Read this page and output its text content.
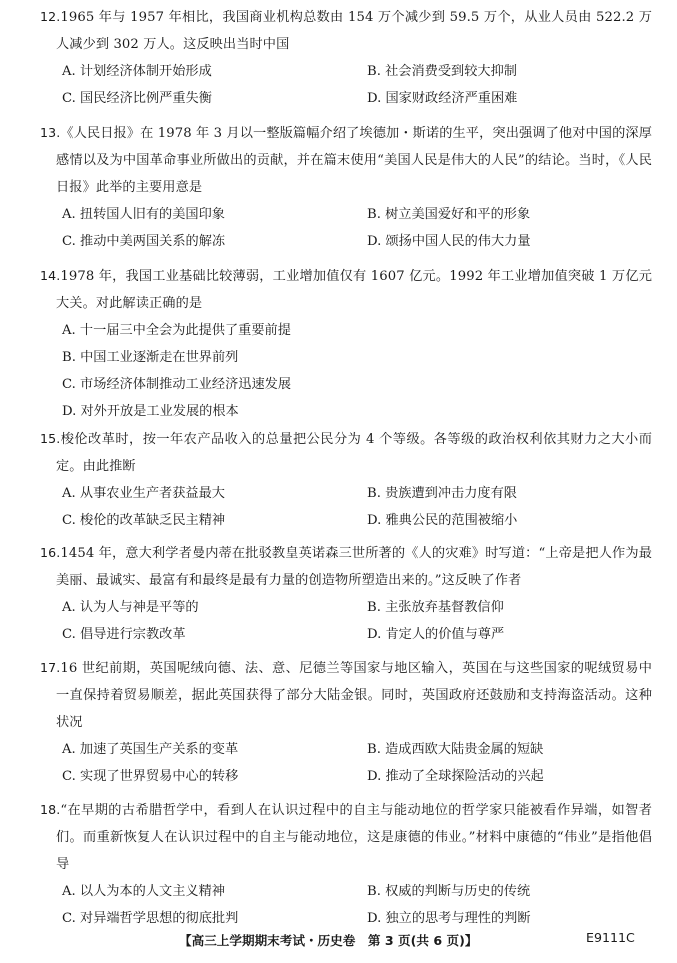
12.1965 年与 1957 年相比，我国商业机构总数由 154 万个减少到 59.5 万个，从业人员由 522.2 万人减少到 302 万人。这反映出当时中国

A. 计划经济体制开始形成	B. 社会消费受到较大抑制
C. 国民经济比例严重失衡	D. 国家财政经济严重困难

13.《人民日报》在 1978 年 3 月以一整版篇幅介绍了埃德加・斯诺的生平，突出强调了他对中国的深厚感情以及为中国革命事业所做出的贡献，并在篇末使用“美国人民是伟大的人民”的结论。当时，《人民日报》此举的主要用意是

A. 扭转国人旧有的美国印象	B. 树立美国爱好和平的形象
C. 推动中美两国关系的解冻	D. 颂扬中国人民的伟大力量

14.1978 年，我国工业基础比较薄弱，工业增加值仅有 1607 亿元。1992 年工业增加值突破 1 万亿元大关。对此解读正确的是

A. 十一届三中全会为此提供了重要前提
B. 中国工业逐渐走在世界前列
C. 市场经济体制推动工业经济迅速发展
D. 对外开放是工业发展的根本

15.梭伦改革时，按一年农产品收入的总量把公民分为 4 个等级。各等级的政治权利依其财力之大小而定。由此推断

A. 从事农业生产者获益最大	B. 贵族遭到冲击力度有限
C. 梭伦的改革缺乏民主精神	D. 雅典公民的范围被缩小

16.1454 年，意大利学者曼内蒂在批驳教皇英诺森三世所著的《人的灾难》时写道：“上帝是把人作为最美丽、最诚实、最富有和最终是最有力量的创造物所塑造出来的。”这反映了作者

A. 认为人与神是平等的	B. 主张放弃基督教信仰
C. 倡导进行宗教改革	D. 肯定人的价值与尊严

17.16 世纪前期，英国呢绒向德、法、意、尼德兰等国家与地区输入，英国在与这些国家的呢绒贸易中一直保持着贸易顺差，据此英国获得了部分大陆金银。同时，英国政府还鼓励和支持海盗活动。这种状况

A. 加速了英国生产关系的变革	B. 造成西欧大陆贵金属的短缺
C. 实现了世界贸易中心的转移	D. 推动了全球探险活动的兴起

18.“在早期的古希腊哲学中，看到人在认识过程中的自主与能动地位的哲学家只能被看作异端，如智者们。而重新恢复人在认识过程中的自主与能动地位，这是康德的伟业。”材料中康德的“伟业”是指他倡导

A. 以人为本的人文主义精神	B. 权威的判断与历史的传统
C. 对异端哲学思想的彻底批判	D. 独立的思考与理性的判断
【高三上学期期末考试・历史卷　第 3 页(共 6 页)】	E9111C
